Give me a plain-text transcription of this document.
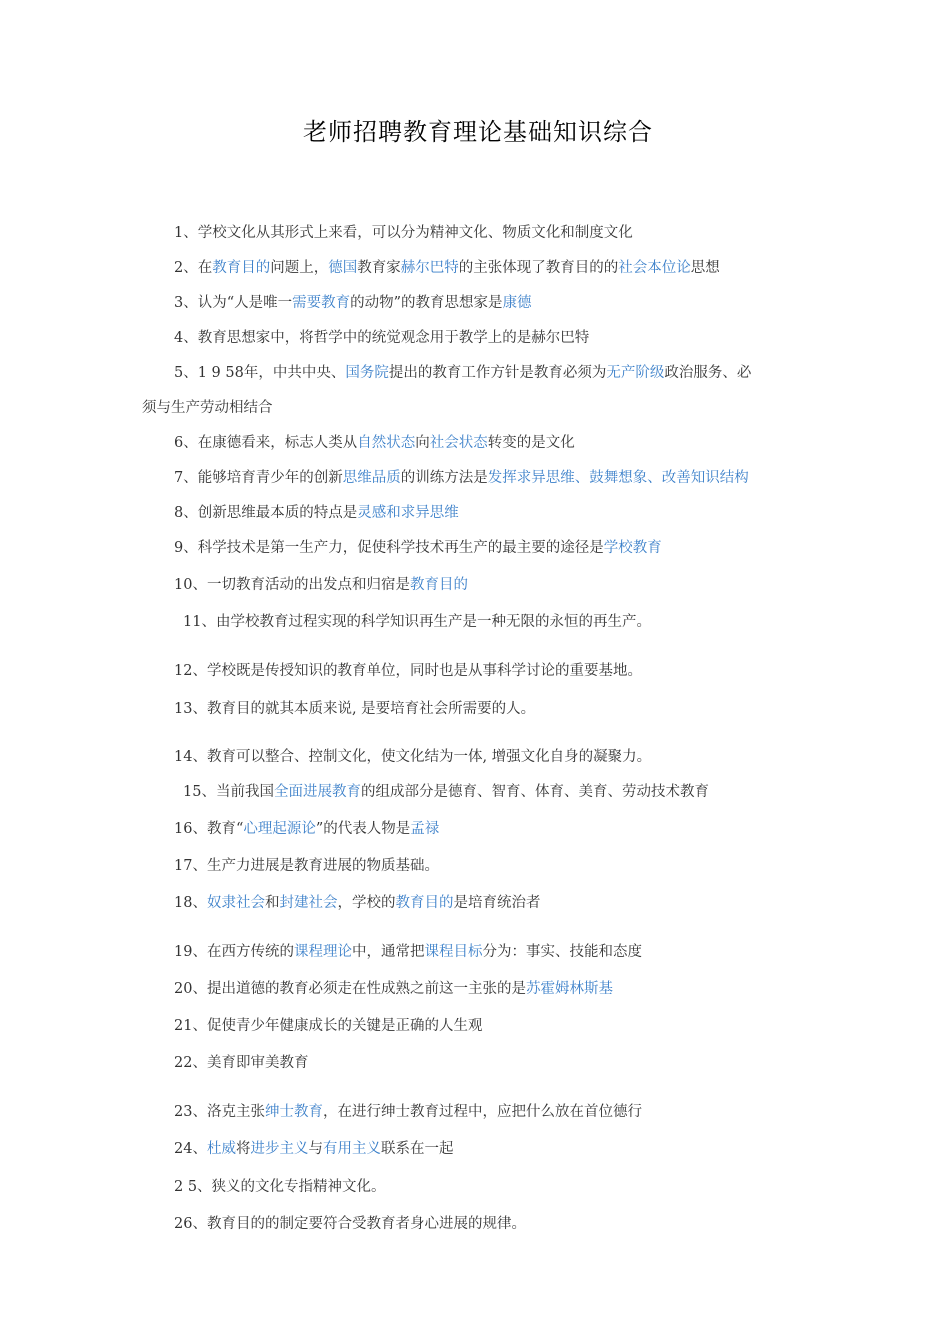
老师招聘教育理论基础知识综合
1、学校文化从其形式上来看，可以分为精神文化、物质文化和制度文化
2、在教育目的问题上，德国教育家赫尔巴特的主张体现了教育目的的社会本位论思想
3、认为“人是唯一需要教育的动物”的教育思想家是康德
4、教育思想家中，将哲学中的统觉观念用于教学上的是赫尔巴特
5、1 9 58年，中共中央、国务院提出的教育工作方针是教育必须为无产阶级政治服务、必
须与生产劳动相结合
6、在康德看来，标志人类从自然状态向社会状态转变的是文化
7、能够培育青少年的创新思维品质的训练方法是发挥求异思维、鼓舞想象、改善知识结构
8、创新思维最本质的特点是灵感和求异思维
9、科学技术是第一生产力，促使科学技术再生产的最主要的途径是学校教育
10、一切教育活动的出发点和归宿是教育目的
11、由学校教育过程实现的科学知识再生产是一种无限的永恒的再生产。
12、学校既是传授知识的教育单位，同时也是从事科学讨论的重要基地。
13、教育目的就其本质来说, 是要培育社会所需要的人。
14、教育可以整合、控制文化，使文化结为一体, 增强文化自身的凝聚力。
15、当前我国全面进展教育的组成部分是德育、智育、体育、美育、劳动技术教育
16、教育“心理起源论”的代表人物是孟禄
17、生产力进展是教育进展的物质基础。
18、奴隶社会和封建社会，学校的教育目的是培育统治者
19、在西方传统的课程理论中，通常把课程目标分为：事实、技能和态度
20、提出道德的教育必须走在性成熟之前这一主张的是苏霍姆林斯基
21、促使青少年健康成长的关键是正确的人生观
22、美育即审美教育
23、洛克主张绅士教育，在进行绅士教育过程中，应把什么放在首位德行
24、杜威将进步主义与有用主义联系在一起
2 5、狭义的文化专指精神文化。
26、教育目的的制定要符合受教育者身心进展的规律。
